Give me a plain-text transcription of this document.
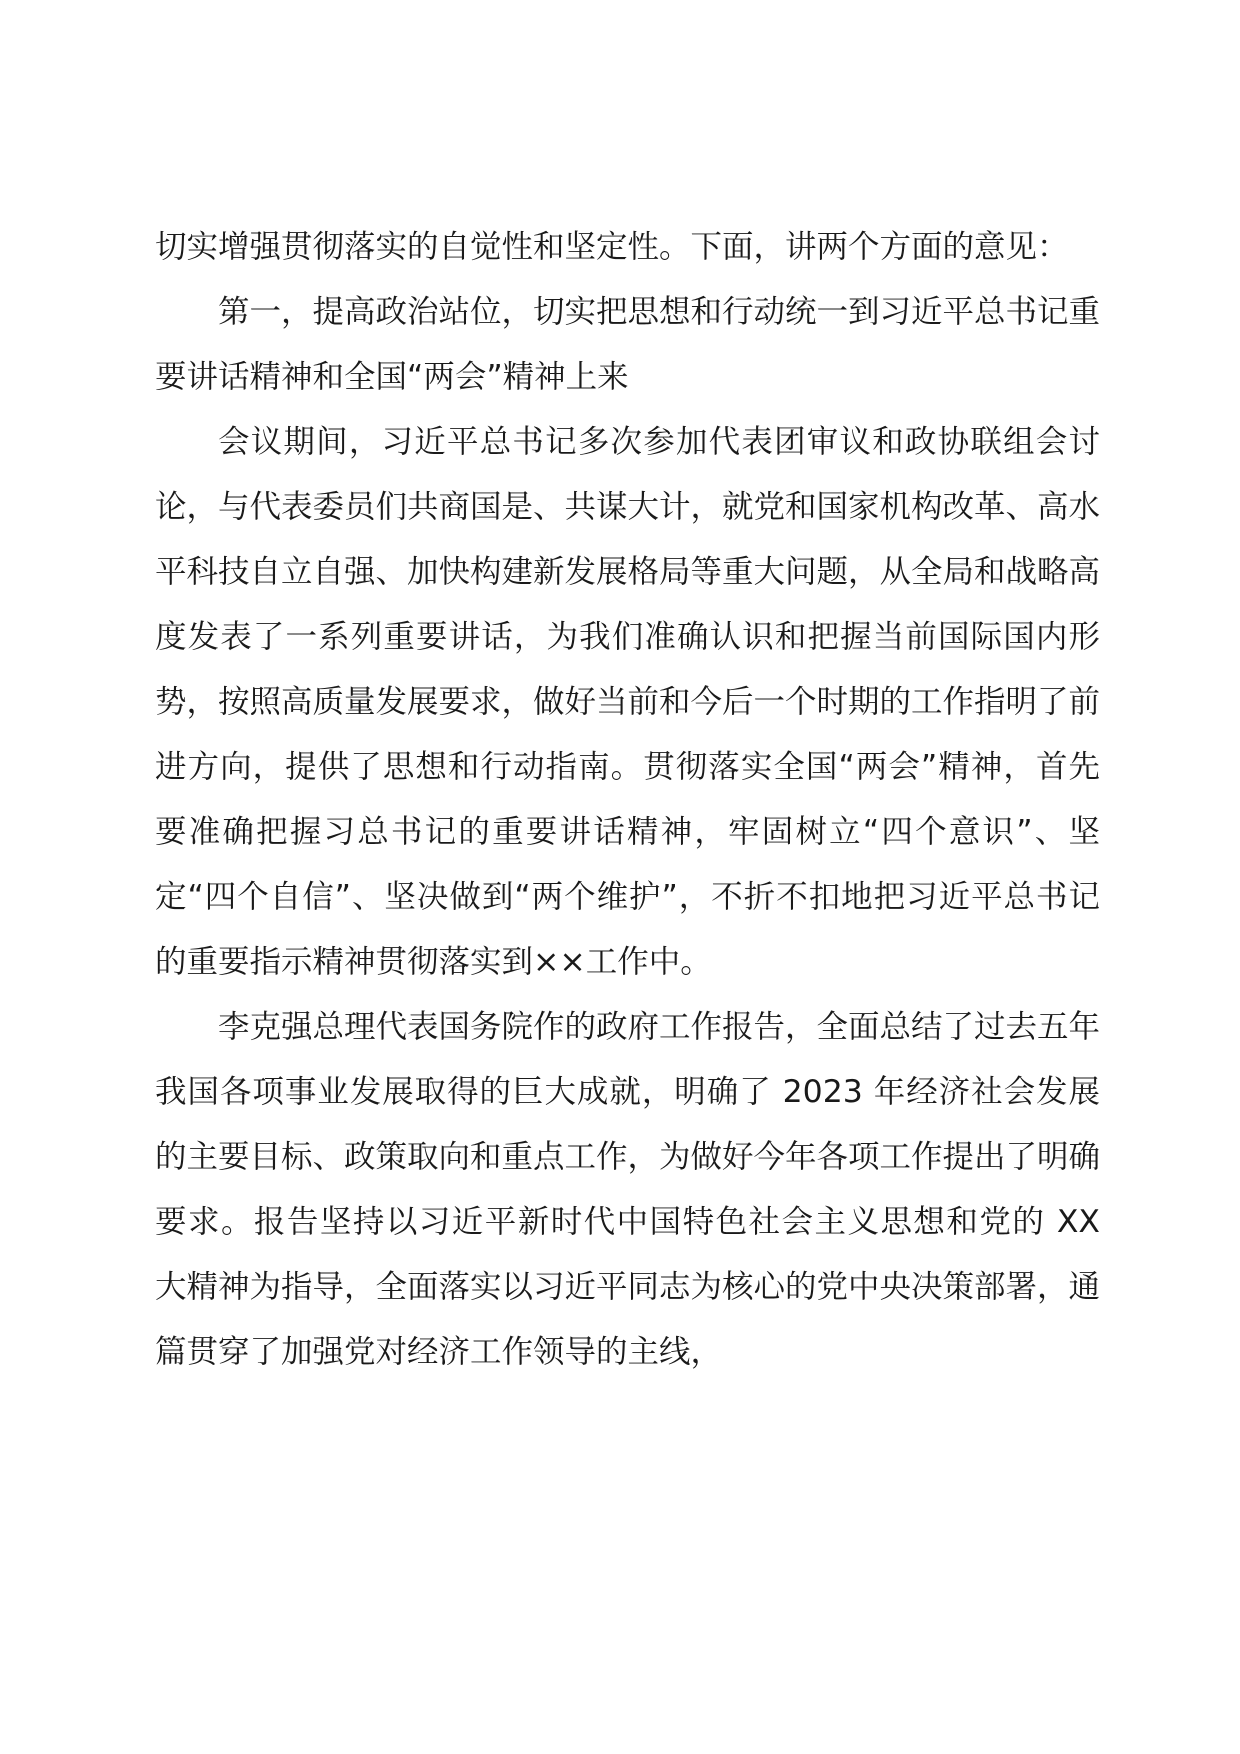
切实增强贯彻落实的自觉性和坚定性。下面，讲两个方面的意见：

第一，提高政治站位，切实把思想和行动统一到习近平总书记重要讲话精神和全国“两会”精神上来

会议期间，习近平总书记多次参加代表团审议和政协联组会讨论，与代表委员们共商国是、共谋大计，就党和国家机构改革、高水平科技自立自强、加快构建新发展格局等重大问题，从全局和战略高度发表了一系列重要讲话，为我们准确认识和把握当前国际国内形势，按照高质量发展要求，做好当前和今后一个时期的工作指明了前进方向，提供了思想和行动指南。贯彻落实全国“两会”精神，首先要准确把握习总书记的重要讲话精神，牢固树立“四个意识”、坚定“四个自信”、坚决做到“两个维护”，不折不扣地把习近平总书记的重要指示精神贯彻落实到××工作中。

李克强总理代表国务院作的政府工作报告，全面总结了过去五年我国各项事业发展取得的巨大成就，明确了 2023 年经济社会发展的主要目标、政策取向和重点工作，为做好今年各项工作提出了明确要求。报告坚持以习近平新时代中国特色社会主义思想和党的 XX 大精神为指导，全面落实以习近平同志为核心的党中央决策部署，通篇贯穿了加强党对经济工作领导的主线，
